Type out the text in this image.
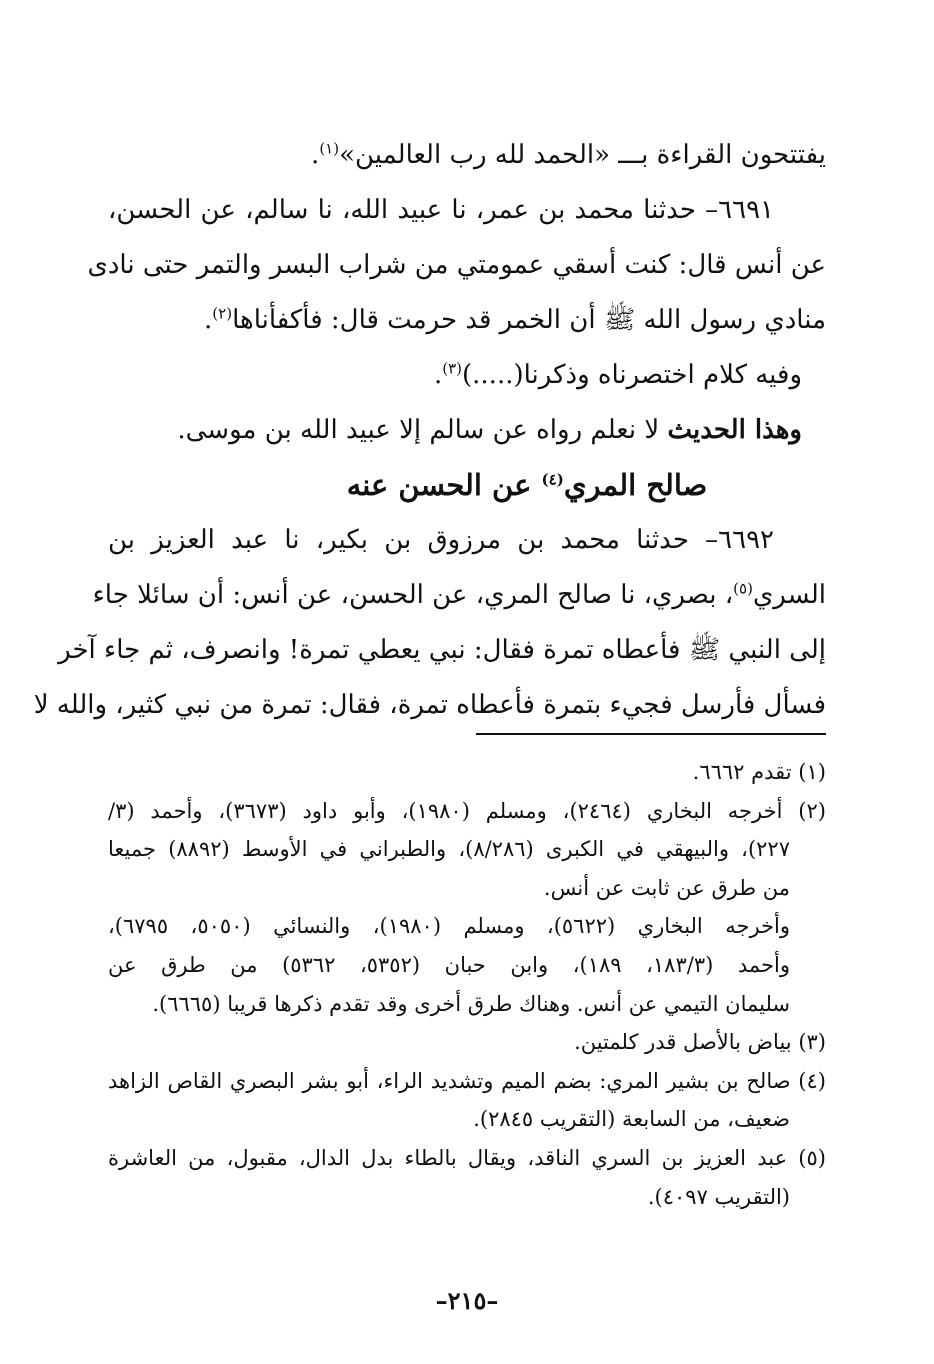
يفتتحون القراءة بـــ «الحمد لله رب العالمين»$^{(١)}$.

٦٦٩١– حدثنا محمد بن عمر، نا عبيد الله، نا سالم، عن الحسن،

عن أنس قال: كنت أسقي عمومتي من شراب البسر والتمر حتى نادى

منادي رسول الله ﷺ أن الخمر قد حرمت قال: فأكفأناها$^{(٢)}$.

وفيه كلام اختصرناه وذكرنا(.....)$^{(٣)}$.

وهذا الحديث لا نعلم رواه عن سالم إلا عبيد الله بن موسى.

صالح المري$^{(٤)}$ عن الحسن عنه

٦٦٩٢– حدثنا محمد بن مرزوق بن بكير، نا عبد العزيز بن

السري$^{(٥)}$، بصري، نا صالح المري، عن الحسن، عن أنس: أن سائلا جاء

إلى النبي ﷺ فأعطاه تمرة فقال: نبي يعطي تمرة! وانصرف، ثم جاء آخر

فسأل فأرسل فجيء بتمرة فأعطاه تمرة، فقال: تمرة من نبي كثير، والله لا

(١) تقدم ٦٦٦٢.

(٢) أخرجه البخاري (٢٤٦٤)، ومسلم (١٩٨٠)، وأبو داود (٣٦٧٣)، وأحمد (٣/

٢٢٧)، والبيهقي في الكبرى (٨/٢٨٦)، والطبراني في الأوسط (٨٨٩٢) جميعا

من طرق عن ثابت عن أنس.

وأخرجه البخاري (٥٦٢٢)، ومسلم (١٩٨٠)، والنسائي (٥٠٥٠، ٦٧٩٥)،

وأحمد (١٨٣/٣، ١٨٩)، وابن حبان (٥٣٥٢، ٥٣٦٢) من طرق عن

سليمان التيمي عن أنس. وهناك طرق أخرى وقد تقدم ذكرها قريبا (٦٦٦٥).

(٣) بياض بالأصل قدر كلمتين.

(٤) صالح بن بشير المري: بضم الميم وتشديد الراء، أبو بشر البصري القاص الزاهد

ضعيف، من السابعة (التقريب ٢٨٤٥).

(٥) عبد العزيز بن السري الناقد، ويقال بالطاء بدل الدال، مقبول، من العاشرة

(التقريب ٤٠٩٧).

–٢١٥–
